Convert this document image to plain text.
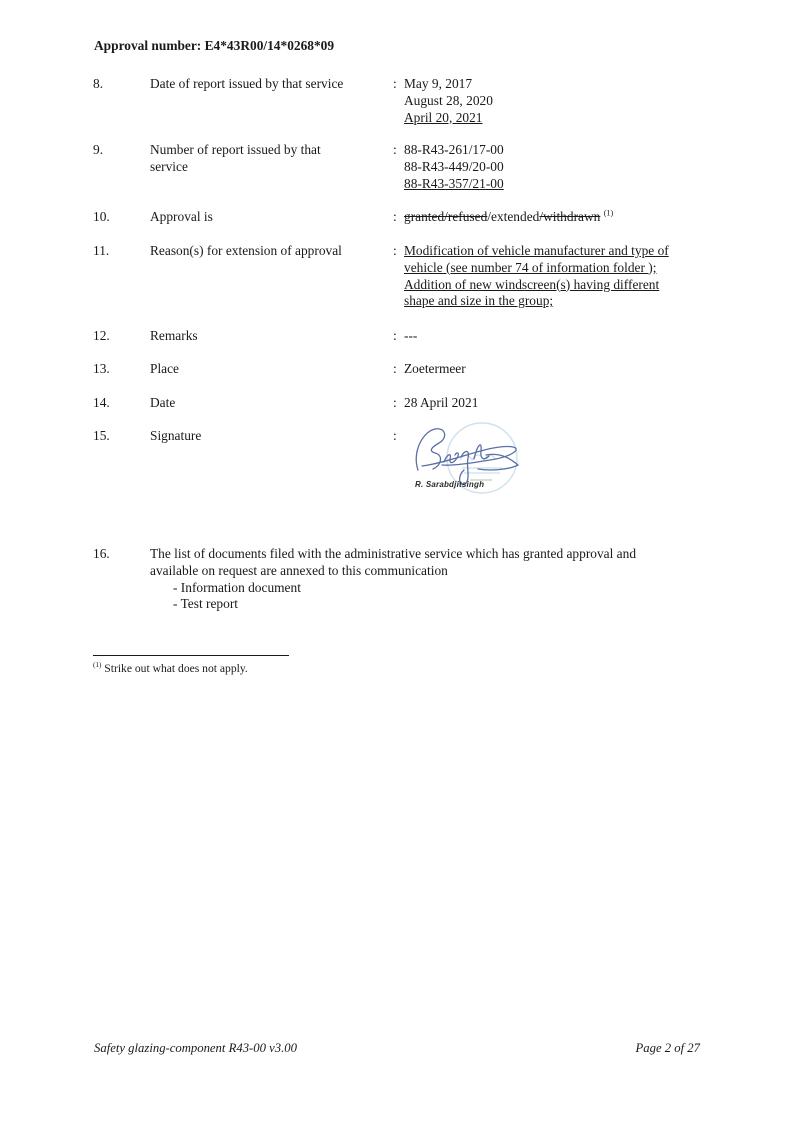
Approval number: E4*43R00/14*0268*09
8.	Date of report issued by that service	: May 9, 2017
August 28, 2020
April 20, 2021
9.	Number of report issued by that
service
: 88-R43-261/17-00
88-R43-449/20-00
88-R43-357/21-00
10.	Approval is	: granted/refused/extended/withdrawn $^{(1)}$
11.	Reason(s) for extension of approval	: Modification of vehicle manufacturer and type of
vehicle (see number 74 of information folder );
Addition of new windscreen(s) having different
shape and size in the group;
12.	Remarks	: ---
13.	Place	: Zoetermeer
14.	Date	: 28 April 2021
15.	Signature	:
R. Sarabdjitsingh
16.	The list of documents filed with the administrative service which has granted approval and
available on request are annexed to this communication
- Information document
- Test report
$^{(1)}$ Strike out what does not apply.
Safety glazing-component R43-00 v3.00	Page 2 of 27
